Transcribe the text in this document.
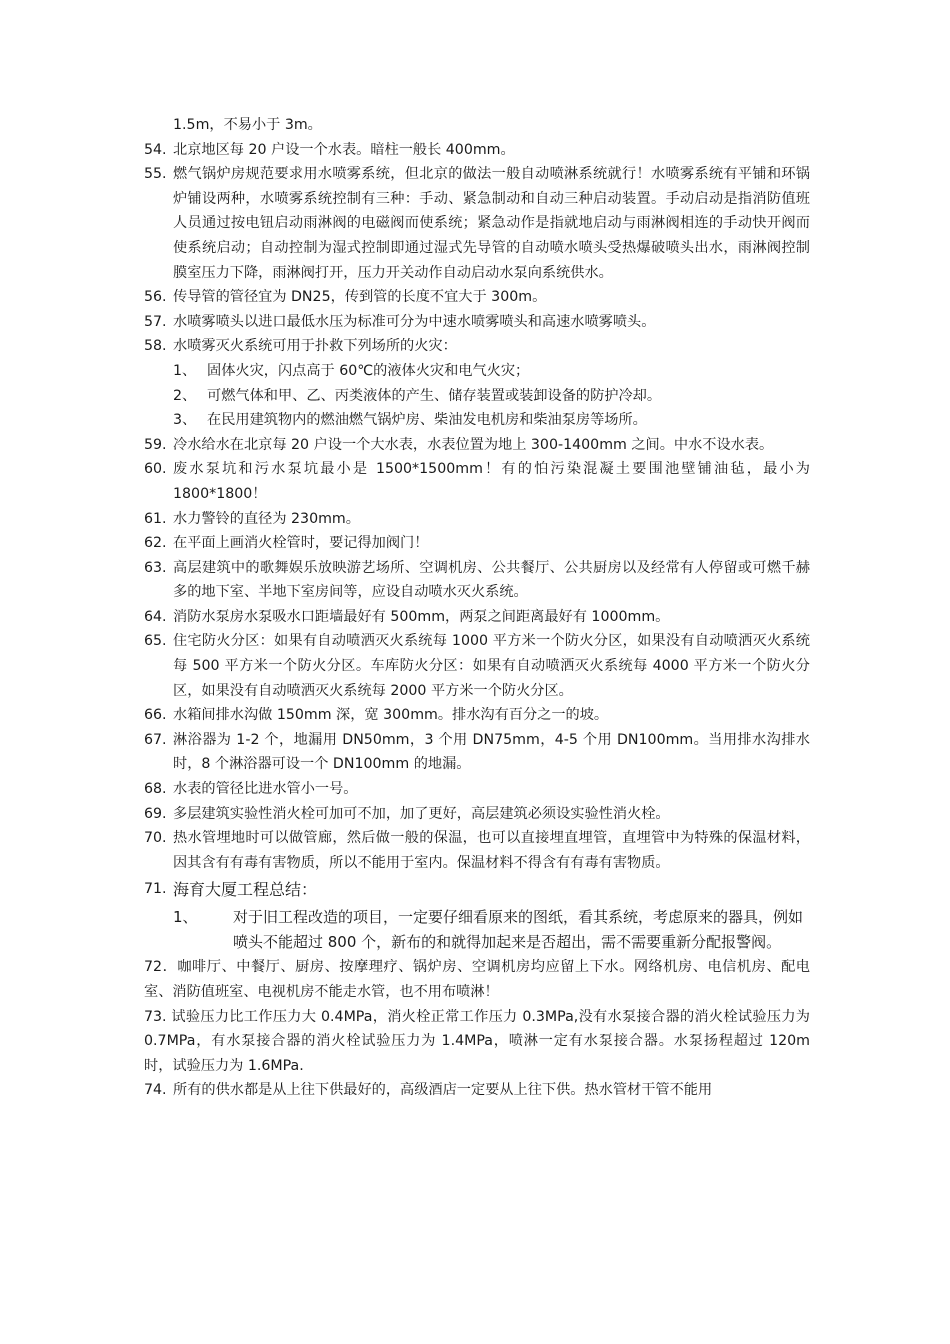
1.5m，不易小于 3m。
54. 北京地区每 20 户设一个水表。暗柱一般长 400mm。
55. 燃气锅炉房规范要求用水喷雾系统，但北京的做法一般自动喷淋系统就行！水喷雾系统有平铺和环锅炉铺设两种，水喷雾系统控制有三种：手动、紧急制动和自动三种启动装置。手动启动是指消防值班人员通过按电钮启动雨淋阀的电磁阀而使系统；紧急动作是指就地启动与雨淋阀相连的手动快开阀而使系统启动；自动控制为湿式控制即通过湿式先导管的自动喷水喷头受热爆破喷头出水，雨淋阀控制膜室压力下降，雨淋阀打开，压力开关动作自动启动水泵向系统供水。
56. 传导管的管径宜为 DN25，传到管的长度不宜大于 300m。
57. 水喷雾喷头以进口最低水压为标准可分为中速水喷雾喷头和高速水喷雾喷头。
58. 水喷雾灭火系统可用于扑救下列场所的火灾：
1、 固体火灾，闪点高于 60℃的液体火灾和电气火灾；
2、 可燃气体和甲、乙、丙类液体的产生、储存装置或装卸设备的防护冷却。
3、 在民用建筑物内的燃油燃气锅炉房、柴油发电机房和柴油泵房等场所。
59. 冷水给水在北京每 20 户设一个大水表，水表位置为地上 300-1400mm 之间。中水不设水表。
60. 废水泵坑和污水泵坑最小是 1500*1500mm！有的怕污染混凝土要围池壁铺油毡，最小为 1800*1800！
61. 水力警铃的直径为 230mm。
62. 在平面上画消火栓管时，要记得加阀门！
63. 高层建筑中的歌舞娱乐放映游艺场所、空调机房、公共餐厅、公共厨房以及经常有人停留或可燃千赫多的地下室、半地下室房间等，应设自动喷水灭火系统。
64. 消防水泵房水泵吸水口距墙最好有 500mm，两泵之间距离最好有 1000mm。
65. 住宅防火分区：如果有自动喷洒灭火系统每 1000 平方米一个防火分区，如果没有自动喷洒灭火系统每 500 平方米一个防火分区。车库防火分区：如果有自动喷洒灭火系统每 4000 平方米一个防火分区，如果没有自动喷洒灭火系统每 2000 平方米一个防火分区。
66. 水箱间排水沟做 150mm 深，宽 300mm。排水沟有百分之一的坡。
67. 淋浴器为 1-2 个，地漏用 DN50mm，3 个用 DN75mm，4-5 个用 DN100mm。当用排水沟排水时，8 个淋浴器可设一个 DN100mm 的地漏。
68. 水表的管径比进水管小一号。
69. 多层建筑实验性消火栓可加可不加，加了更好，高层建筑必须设实验性消火栓。
70. 热水管埋地时可以做管廊，然后做一般的保温，也可以直接埋直埋管，直埋管中为特殊的保温材料，因其含有有毒有害物质，所以不能用于室内。保温材料不得含有有毒有害物质。
71. 海育大厦工程总结：
1、	对于旧工程改造的项目，一定要仔细看原来的图纸，看其系统，考虑原来的器具，例如喷头不能超过 800 个，新布的和就得加起来是否超出，需不需要重新分配报警阀。
72．咖啡厅、中餐厅、厨房、按摩理疗、锅炉房、空调机房均应留上下水。网络机房、电信机房、配电室、消防值班室、电视机房不能走水管，也不用布喷淋！
73. 试验压力比工作压力大 0.4MPa，消火栓正常工作压力 0.3MPa,没有水泵接合器的消火栓试验压力为 0.7MPa，有水泵接合器的消火栓试验压力为 1.4MPa，喷淋一定有水泵接合器。水泵扬程超过 120m 时，试验压力为 1.6MPa.
74. 所有的供水都是从上往下供最好的，高级酒店一定要从上往下供。热水管材干管不能用
